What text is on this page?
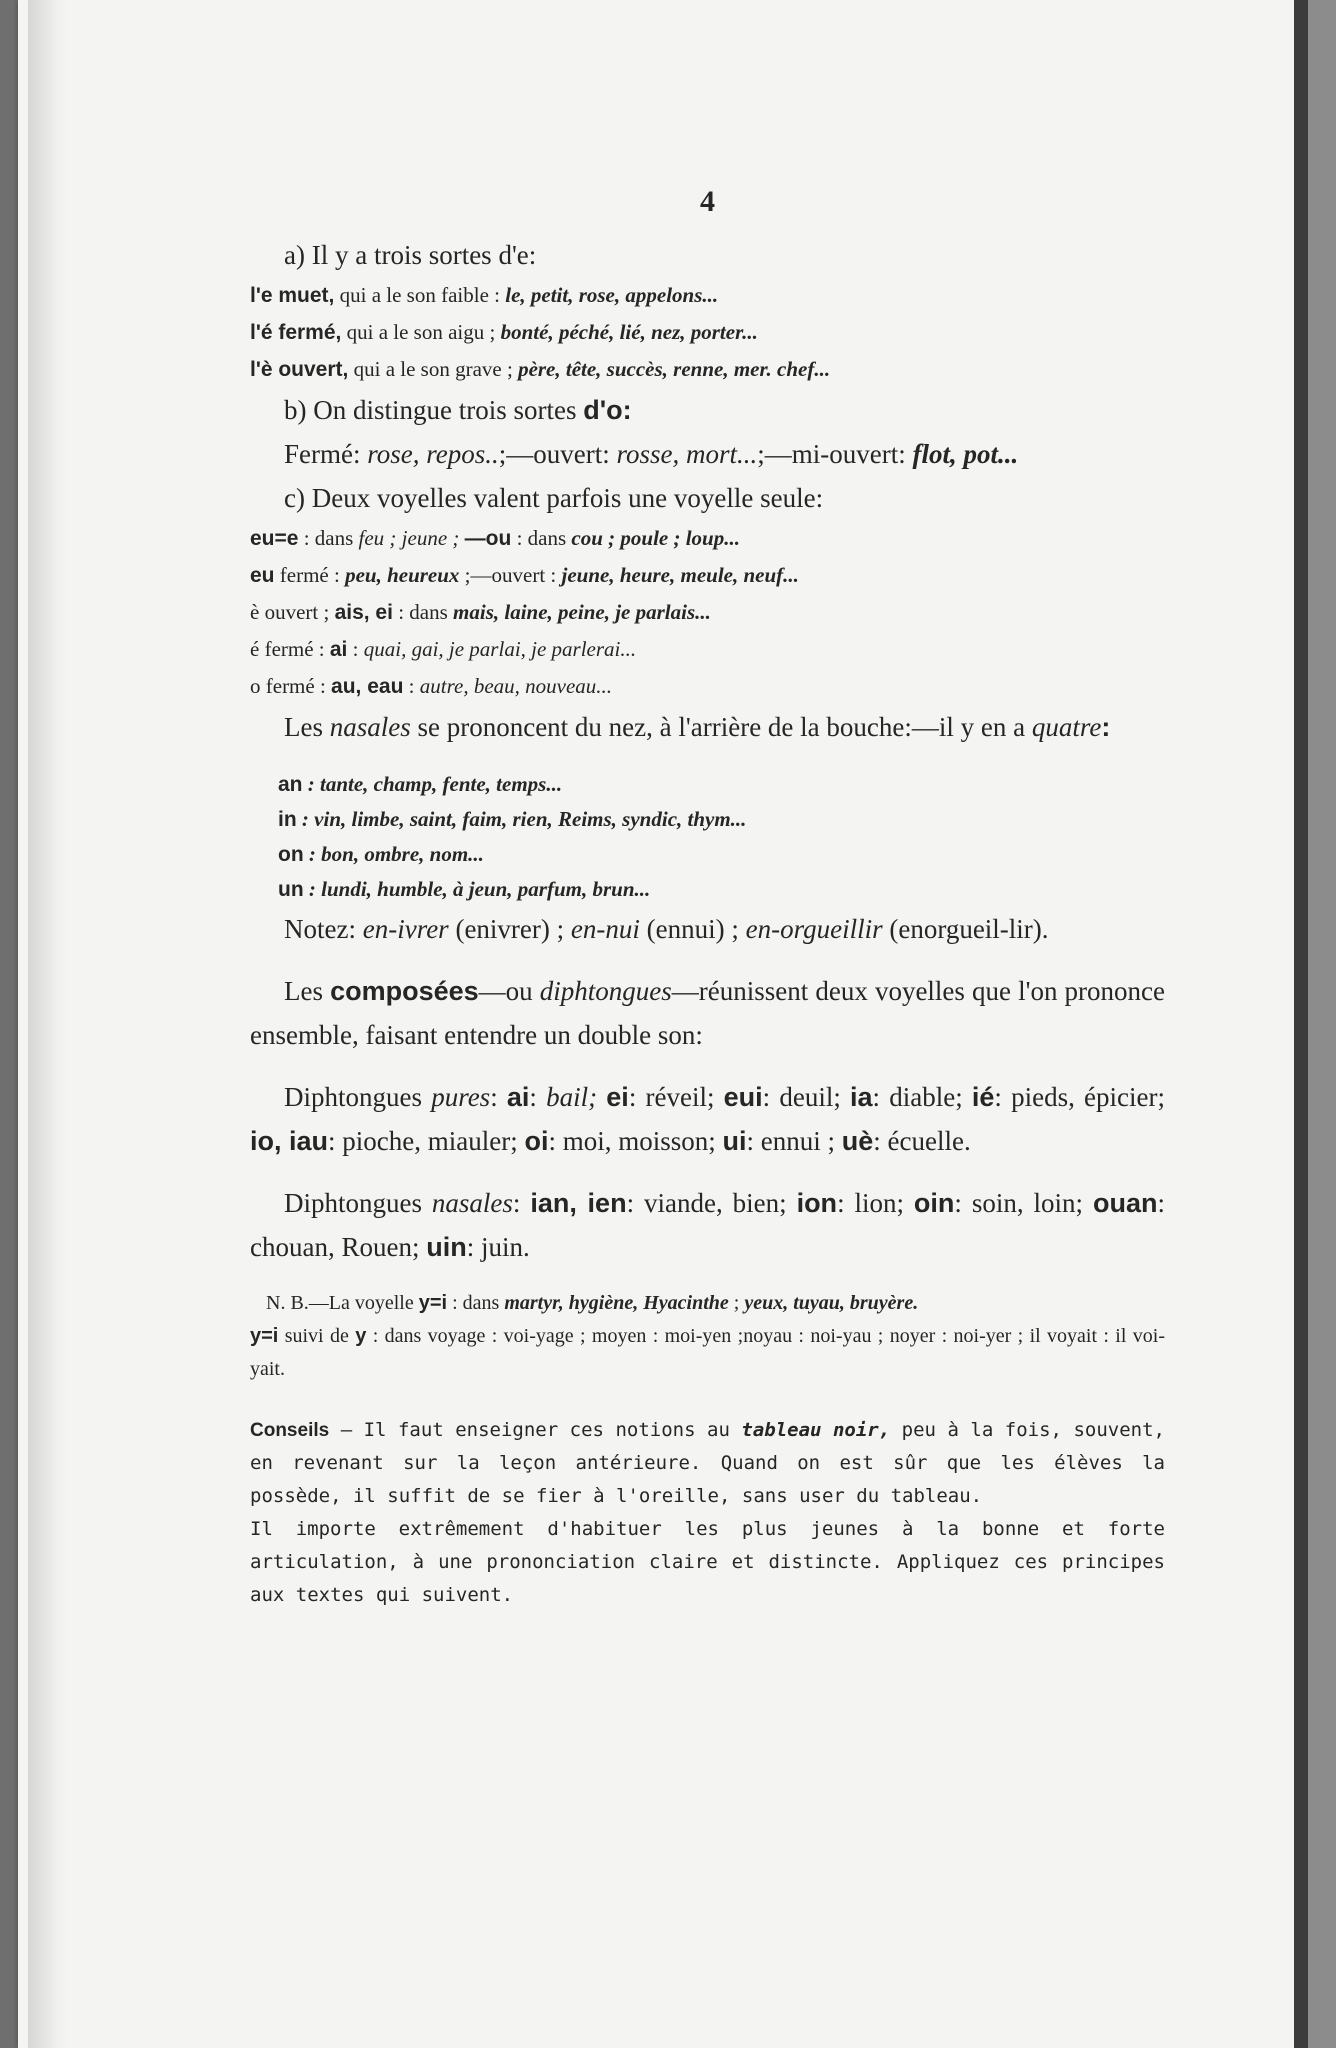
4

a) Il y a trois sortes d'e:

l'e muet, qui a le son faible : le, petit, rose, appelons...

l'é fermé, qui a le son aigu ; bonté, péché, lié, nez, porter...

l'è ouvert, qui a le son grave ; père, tête, succès, renne, mer. chef...

b) On distingue trois sortes d'o:

Fermé: rose, repos..;—ouvert: rosse, mort...;—mi-ouvert: flot, pot...

c) Deux voyelles valent parfois une voyelle seule:

eu=e : dans feu ; jeune ; —ou : dans cou ; poule ; loup...

eu fermé : peu, heureux ;—ouvert : jeune, heure, meule, neuf...

è ouvert ; ais, ei : dans mais, laine, peine, je parlais...

é fermé : ai : quai, gai, je parlai, je parlerai...

o fermé : au, eau : autre, beau, nouveau...

Les nasales se prononcent du nez, à l'arrière de la bouche:—il y en a quatre:

an : tante, champ, fente, temps...

in : vin, limbe, saint, faim, rien, Reims, syndic, thym...

on : bon, ombre, nom...

un : lundi, humble, à jeun, parfum, brun...

Notez: en-ivrer (enivrer) ; en-nui (ennui) ; en-orgueillir (enorgueil-lir).

Les composées—ou diphtongues—réunissent deux voyelles que l'on prononce ensemble, faisant entendre un double son:

Diphtongues pures: ai: bail; ei: réveil; eui: deuil; ia: diable; ié: pieds, épicier; io, iau: pioche, miauler; oi: moi, moisson; ui: ennui ; uè: écuelle.

Diphtongues nasales: ian, ien: viande, bien; ion: lion; oin: soin, loin; ouan: chouan, Rouen; uin: juin.

N. B.—La voyelle y=i : dans martyr, hygiène, Hyacinthe ; yeux, tuyau, bruyère.
y=i suivi de y : dans voyage : voi-yage ; moyen : moi-yen ;noyau : noi-yau ; noyer : noi-yer ; il voyait : il voi-yait.

Conseils — Il faut enseigner ces notions au tableau noir, peu à la fois, souvent, en revenant sur la leçon antérieure. Quand on est sûr que les élèves la possède, il suffit de se fier à l'oreille, sans user du tableau.

Il importe extrêmement d'habituer les plus jeunes à la bonne et forte articulation, à une prononciation claire et distincte. Appliquez ces principes aux textes qui suivent.
